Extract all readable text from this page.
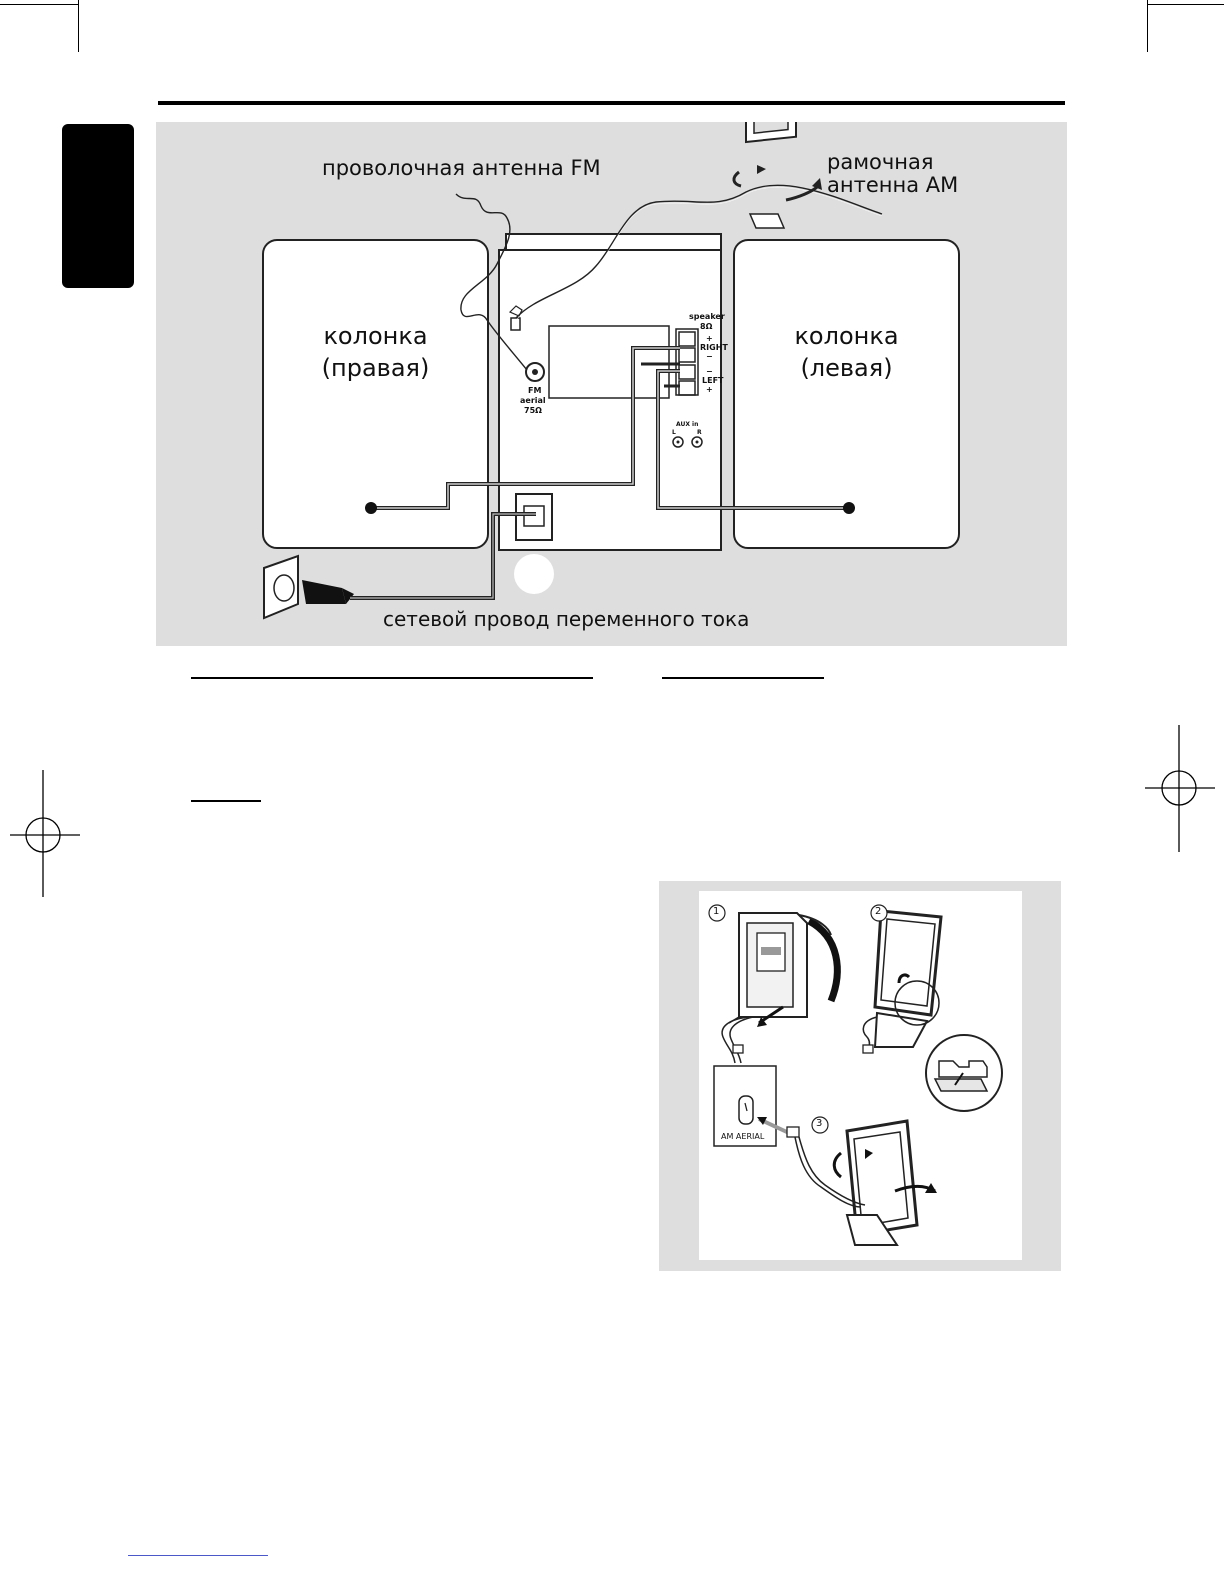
проволочная антенна FM	рамочная
антенна AM
колонка
(правая)
колонка
(левая)
сетевой провод переменного тока
speaker
8Ω
+
RIGHT
−
−
LEFT
+
FM
aerial
75Ω
AUX in
L	R
1	2
3
AM AERIAL
